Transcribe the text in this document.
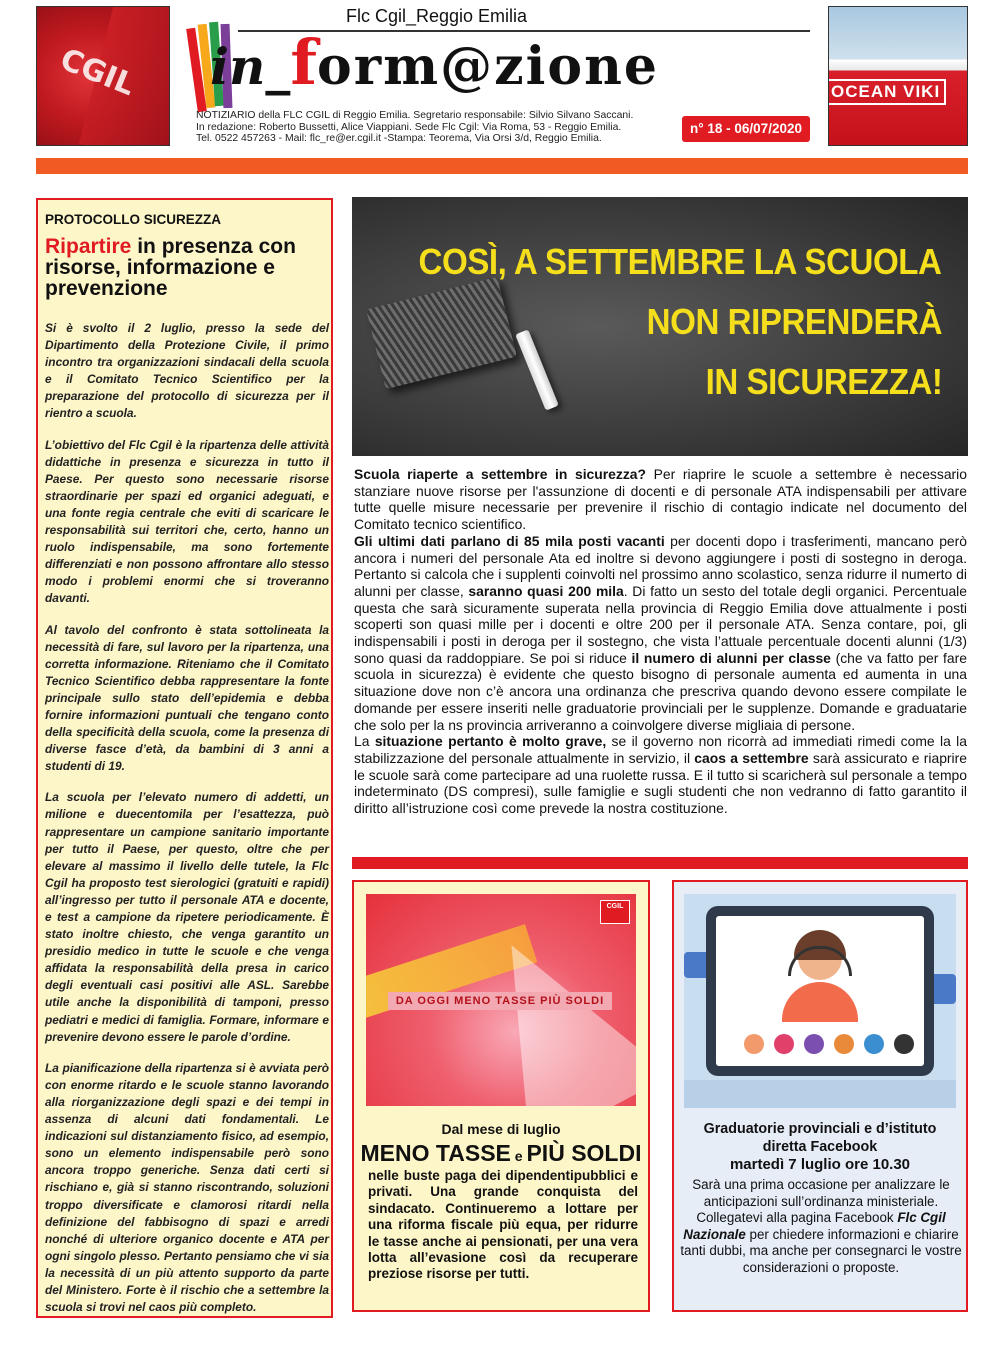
CGIL	OCEAN VIKI
Flc Cgil_Reggio Emilia
in_form@zione
NOTIZIARIO della FLC CGIL di Reggio Emilia. Segretario responsabile: Silvio Silvano Saccani.
In redazione: Roberto Bussetti, Alice Viappiani. Sede Flc Cgil: Via Roma, 53 - Reggio Emilia.
Tel. 0522 457263 - Mail: flc_re@er.cgil.it -Stampa: Teorema, Via Orsi 3/d, Reggio Emilia.
n° 18 - 06/07/2020
PROTOCOLLO SICUREZZA
Ripartire in presenza con risorse, informazione e prevenzione

Si è svolto il 2 luglio, presso la sede del Dipartimento della Protezione Civile, il primo incontro tra organizzazioni sindacali della scuola e il Comitato Tecnico Scientifico per la preparazione del protocollo di sicurezza per il rientro a scuola.

L’obiettivo del Flc Cgil è la ripartenza delle attività didattiche in presenza e sicurezza in tutto il Paese. Per questo sono necessarie risorse straordinarie per spazi ed organici adeguati, e una fonte regia centrale che eviti di scaricare le responsabilità sui territori che, certo, hanno un ruolo indispensabile, ma sono fortemente differenziati e non possono affrontare allo stesso modo i problemi enormi che si troveranno davanti.

Al tavolo del confronto è stata sottolineata la necessità di fare, sul lavoro per la ripartenza, una corretta informazione. Riteniamo che il Comitato Tecnico Scientifico debba rappresentare la fonte principale sullo stato dell’epidemia e debba fornire informazioni puntuali che tengano conto della specificità della scuola, come la presenza di diverse fasce d’età, da bambini di 3 anni a studenti di 19.

La scuola per l’elevato numero di addetti, un milione e duecentomila per l’esattezza, può rappresentare un campione sanitario importante per tutto il Paese, per questo, oltre che per elevare al massimo il livello delle tutele, la Flc Cgil ha proposto test sierologici (gratuiti e rapidi) all’ingresso per tutto il personale ATA e docente, e test a campione da ripetere periodicamente. È stato inoltre chiesto, che venga garantito un presidio medico in tutte le scuole e che venga affidata la responsabilità della presa in carico degli eventuali casi positivi alle ASL. Sarebbe utile anche la disponibilità di tamponi, presso pediatri e medici di famiglia. Formare, informare e prevenire devono essere le parole d’ordine.

La pianificazione della ripartenza si è avviata però con enorme ritardo e le scuole stanno lavorando alla riorganizzazione degli spazi e dei tempi in assenza di alcuni dati fondamentali. Le indicazioni sul distanziamento fisico, ad esempio, sono un elemento indispensabile però sono ancora troppo generiche. Senza dati certi si rischiano e, già si stanno riscontrando, soluzioni troppo diversificate e clamorosi ritardi nella definizione del fabbisogno di spazi e arredi nonché di ulteriore organico docente e ATA per ogni singolo plesso. Pertanto pensiamo che vi sia la necessità di un più attento supporto da parte del Ministero. Forte è il rischio che a settembre la scuola si trovi nel caos più completo.

COSÌ, A SETTEMBRE LA SCUOLA
NON RIPRENDERÀ
IN SICUREZZA!

Scuola riaperte a settembre in sicurezza? Per riaprire le scuole a settembre è necessario stanziare nuove risorse per l'assunzione di docenti e di personale ATA indispensabili per attivare tutte quelle misure necessarie per prevenire il rischio di contagio indicate nel documento del Comitato tecnico scientifico.

Gli ultimi dati parlano di 85 mila posti vacanti per docenti dopo i trasferimenti, mancano però ancora i numeri del personale Ata ed inoltre si devono aggiungere i posti di sostegno in deroga. Pertanto si calcola che i supplenti coinvolti nel prossimo anno scolastico, senza ridurre il numerto di alunni per classe, saranno quasi 200 mila. Di fatto un sesto del totale degli organici. Percentuale questa che sarà sicuramente superata nella provincia di Reggio Emilia dove attualmente i posti scoperti son quasi mille per i docenti e oltre 200 per il personale ATA. Senza contare, poi, gli indispensabili i posti in deroga per il sostegno, che vista l’attuale percentuale docenti alunni (1/3) sono quasi da raddoppiare. Se poi si riduce il numero di alunni per classe (che va fatto per fare scuola in sicurezza) è evidente che questo bisogno di personale aumenta ed aumenta in una situazione dove non c’è ancora una ordinanza che prescriva quando devono essere compilate le domande per essere inseriti nelle graduatorie provinciali per le supplenze. Domande e graduatarie che solo per la ns provincia arriveranno a coinvolgere diverse migliaia di persone.

La situazione pertanto è molto grave, se il governo non ricorrà ad immediati rimedi come la la stabilizzazione del personale attualmente in servizio, il caos a settembre sarà assicurato e riaprire le scuole sarà come partecipare ad una ruolette russa. E il tutto si scaricherà sul personale a tempo indeterminato (DS compresi), sulle famiglie e sugli studenti che non vedranno di fatto garantito il diritto all’istruzione così come prevede la nostra costituzione.

DA OGGI MENO TASSE PIÙ SOLDI
CGIL
Dal mese di luglio
MENO TASSE e PIÙ SOLDI
nelle buste paga dei dipendentipubblici e privati. Una grande conquista del sindacato. Continueremo a lottare per una riforma fiscale più equa, per ridurre le tasse anche ai pensionati, per una vera lotta all’evasione così da recuperare preziose risorse per tutti.
Graduatorie provinciali e d’istituto
diretta Facebook
martedì 7 luglio ore 10.30
Sarà una prima occasione per analizzare le anticipazioni sull’ordinanza ministeriale. Collegatevi alla pagina Facebook Flc Cgil Nazionale per chiedere informazioni e chiarire tanti dubbi, ma anche per consegnarci le vostre considerazioni o proposte.
